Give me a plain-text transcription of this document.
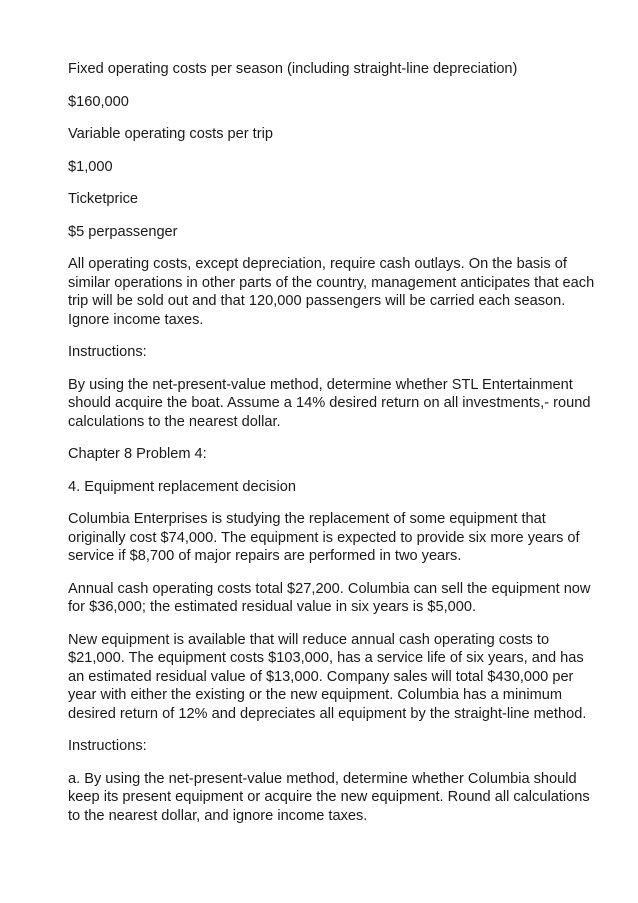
Fixed operating costs per season (including straight-line depreciation)

$160,000

Variable operating costs per trip

$1,000

Ticketprice

$5 perpassenger

All operating costs, except depreciation, require cash outlays. On the basis of similar operations in other parts of the country, management anticipates that each trip will be sold out and that 120,000 passengers will be carried each season. Ignore income taxes.

Instructions:

By using the net-present-value method, determine whether STL Entertainment should acquire the boat. Assume a 14% desired return on all investments,- round calculations to the nearest dollar.

Chapter 8 Problem 4:

4. Equipment replacement decision

Columbia Enterprises is studying the replacement of some equipment that originally cost $74,000. The equipment is expected to provide six more years of service if $8,700 of major repairs are performed in two years.

Annual cash operating costs total $27,200. Columbia can sell the equipment now for $36,000; the estimated residual value in six years is $5,000.

New equipment is available that will reduce annual cash operating costs to $21,000. The equipment costs $103,000, has a service life of six years, and has an estimated residual value of $13,000. Company sales will total $430,000 per year with either the existing or the new equipment. Columbia has a minimum desired return of 12% and depreciates all equipment by the straight-line method.

Instructions:

a. By using the net-present-value method, determine whether Columbia should keep its present equipment or acquire the new equipment. Round all calculations to the nearest dollar, and ignore income taxes.
